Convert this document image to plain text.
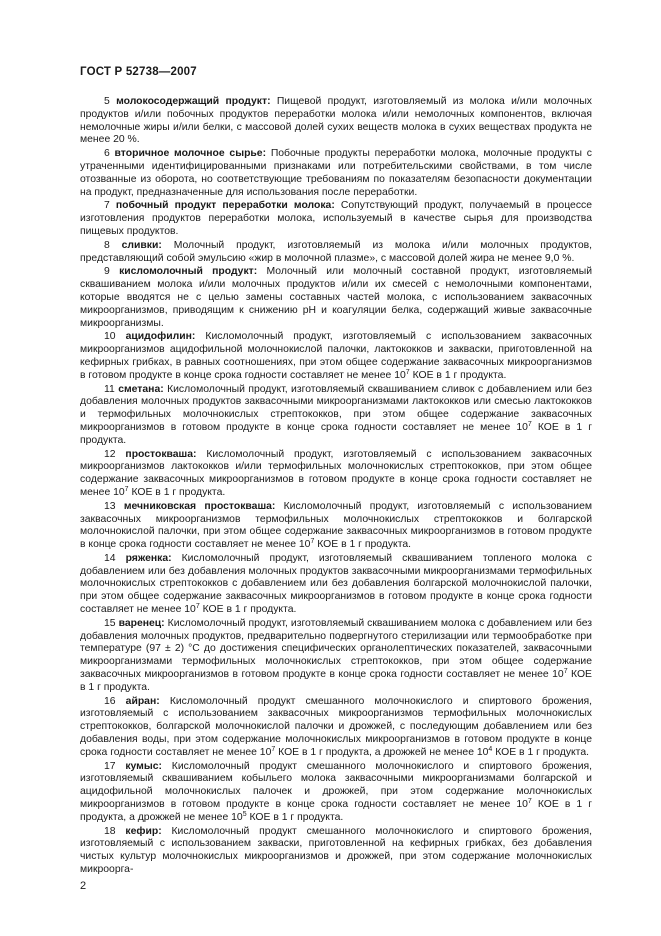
ГОСТ Р 52738—2007

5 молокосодержащий продукт: Пищевой продукт, изготовляемый из молока и/или молочных продуктов и/или побочных продуктов переработки молока и/или немолочных компонентов, включая немолочные жиры и/или белки, с массовой долей сухих веществ молока в сухих веществах продукта не менее 20 %.

6 вторичное молочное сырье: Побочные продукты переработки молока, молочные продукты с утраченными идентифицированными признаками или потребительскими свойствами, в том числе отозванные из оборота, но соответствующие требованиям по показателям безопасности документации на продукт, предназначенные для использования после переработки.

7 побочный продукт переработки молока: Сопутствующий продукт, получаемый в процессе изготовления продуктов переработки молока, используемый в качестве сырья для производства пищевых продуктов.

8 сливки: Молочный продукт, изготовляемый из молока и/или молочных продуктов, представляющий собой эмульсию «жир в молочной плазме», с массовой долей жира не менее 9,0 %.

9 кисломолочный продукт: Молочный или молочный составной продукт, изготовляемый сквашиванием молока и/или молочных продуктов и/или их смесей с немолочными компонентами, которые вводятся не с целью замены составных частей молока, с использованием заквасочных микроорганизмов, приводящим к снижению pH и коагуляции белка, содержащий живые заквасочные микроорганизмы.

10 ацидофилин: Кисломолочный продукт, изготовляемый с использованием заквасочных микроорганизмов ацидофильной молочнокислой палочки, лактококков и закваски, приготовленной на кефирных грибках, в равных соотношениях, при этом общее содержание заквасочных микроорганизмов в готовом продукте в конце срока годности составляет не менее $10^7$ КОЕ в 1 г продукта.

11 сметана: Кисломолочный продукт, изготовляемый сквашиванием сливок с добавлением или без добавления молочных продуктов заквасочными микроорганизмами лактококков или смесью лактококков и термофильных молочнокислых стрептококков, при этом общее содержание заквасочных микроорганизмов в готовом продукте в конце срока годности составляет не менее $10^7$ КОЕ в 1 г продукта.

12 простокваша: Кисломолочный продукт, изготовляемый с использованием заквасочных микроорганизмов лактококков и/или термофильных молочнокислых стрептококков, при этом общее содержание заквасочных микроорганизмов в готовом продукте в конце срока годности составляет не менее $10^7$ КОЕ в 1 г продукта.

13 мечниковская простокваша: Кисломолочный продукт, изготовляемый с использованием заквасочных микроорганизмов термофильных молочнокислых стрептококков и болгарской молочнокислой палочки, при этом общее содержание заквасочных микроорганизмов в готовом продукте в конце срока годности составляет не менее $10^7$ КОЕ в 1 г продукта.

14 ряженка: Кисломолочный продукт, изготовляемый сквашиванием топленого молока с добавлением или без добавления молочных продуктов заквасочными микроорганизмами термофильных молочнокислых стрептококков с добавлением или без добавления болгарской молочнокислой палочки, при этом общее содержание заквасочных микроорганизмов в готовом продукте в конце срока годности составляет не менее $10^7$ КОЕ в 1 г продукта.

15 варенец: Кисломолочный продукт, изготовляемый сквашиванием молока с добавлением или без добавления молочных продуктов, предварительно подвергнутого стерилизации или термообработке при температуре (97 ± 2) °С до достижения специфических органолептических показателей, заквасочными микроорганизмами термофильных молочнокислых стрептококков, при этом общее содержание заквасочных микроорганизмов в готовом продукте в конце срока годности составляет не менее $10^7$ КОЕ в 1 г продукта.

16 айран: Кисломолочный продукт смешанного молочнокислого и спиртового брожения, изготовляемый с использованием заквасочных микроорганизмов термофильных молочнокислых стрептококков, болгарской молочнокислой палочки и дрожжей, с последующим добавлением или без добавления воды, при этом содержание молочнокислых микроорганизмов в готовом продукте в конце срока годности составляет не менее $10^7$ КОЕ в 1 г продукта, а дрожжей не менее $10^4$ КОЕ в 1 г продукта.

17 кумыс: Кисломолочный продукт смешанного молочнокислого и спиртового брожения, изготовляемый сквашиванием кобыльего молока заквасочными микроорганизмами болгарской и ацидофильной молочнокислых палочек и дрожжей, при этом содержание молочнокислых микроорганизмов в готовом продукте в конце срока годности составляет не менее $10^7$ КОЕ в 1 г продукта, а дрожжей не менее $10^5$ КОЕ в 1 г продукта.

18 кефир: Кисломолочный продукт смешанного молочнокислого и спиртового брожения, изготовляемый с использованием закваски, приготовленной на кефирных грибках, без добавления чистых культур молочнокислых микроорганизмов и дрожжей, при этом содержание молочнокислых микроорга-

2
